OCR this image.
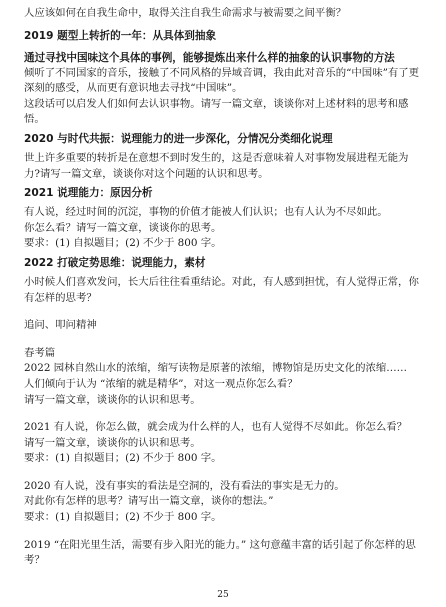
人应该如何在自我生命中，取得关注自我生命需求与被需要之间平衡？
2019 题型上转折的一年：从具体到抽象
通过寻找中国味这个具体的事例，能够提炼出来什么样的抽象的认识事物的方法
倾听了不同国家的音乐，接触了不同风格的异域音调，我由此对音乐的“中国味”有了更深刻的感受，从而更有意识地去寻找“中国味”。
这段话可以启发人们如何去认识事物。请写一篇文章，谈谈你对上述材料的思考和感悟。
2020 与时代共振：说理能力的进一步深化，分情况分类细化说理
世上许多重要的转折是在意想不到时发生的，这是否意味着人对事物发展进程无能为力?请写一篇文章，谈谈你对这个问题的认识和思考。
2021 说理能力：原因分析
有人说，经过时间的沉淀，事物的价值才能被人们认识；也有人认为不尽如此。
你怎么看？请写一篇文章，谈谈你的思考。
要求：(1) 自拟题目；(2) 不少于 800 字。
2022 打破定势思维：说理能力，素材
小时候人们喜欢发问，长大后往往看重结论。对此，有人感到担忧，有人觉得正常，你有怎样的思考？
追问、叩问精神
春考篇
2022 园林自然山水的浓缩，缩写读物是原著的浓缩，博物馆是历史文化的浓缩……
人们倾向于认为 “浓缩的就是精华”，对这一观点你怎么看？
请写一篇文章，谈谈你的认识和思考。
2021 有人说，你怎么做，就会成为什么样的人，也有人觉得不尽如此。你怎么看？
请写一篇文章，谈谈你的认识和思考。
要求：(1) 自拟题目；(2) 不少于 800 字。
2020 有人说，没有事实的看法是空洞的，没有看法的事实是无力的。
对此你有怎样的思考？请写出一篇文章，谈你的想法。”
要求：(1) 自拟题目；(2) 不少于 800 字。
2019 “在阳光里生活，需要有步入阳光的能力。” 这句意蕴丰富的话引起了你怎样的思考？
25
